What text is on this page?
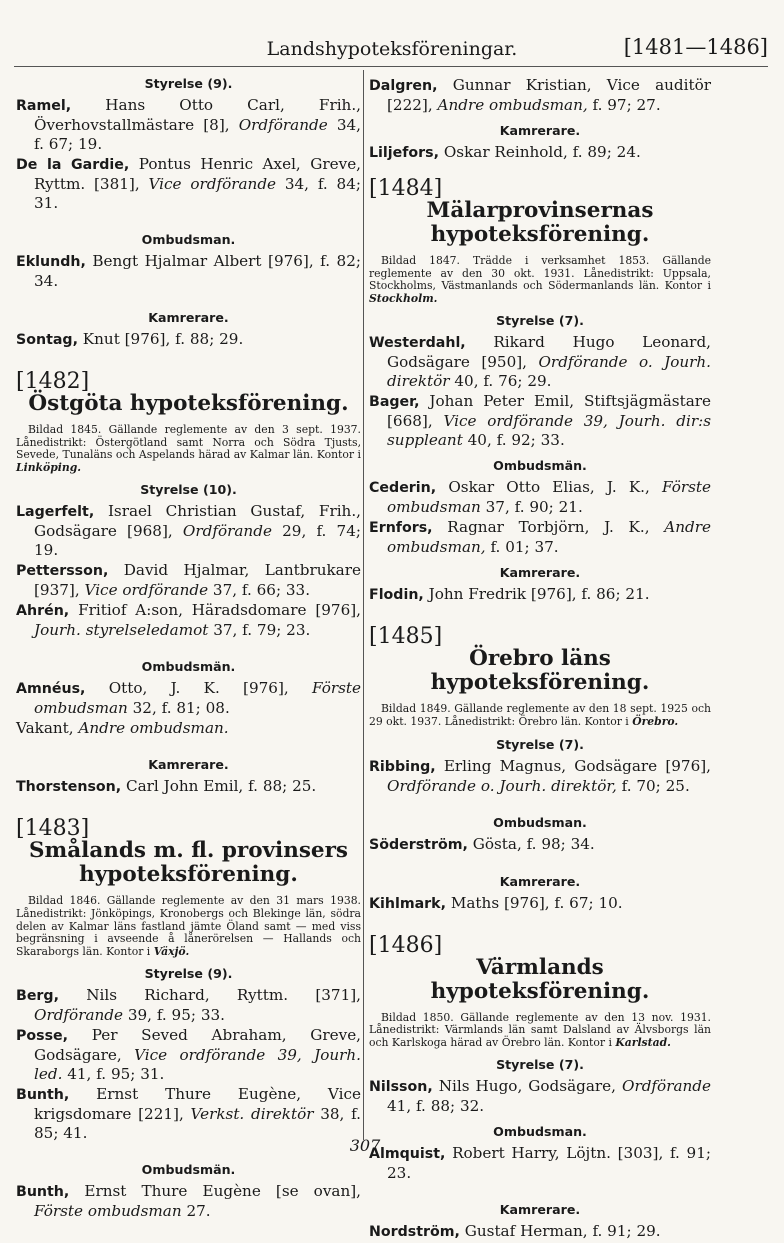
Landshypoteksföreningar.	[1481—1486]
Styrelse (9).

Ramel, Hans Otto Carl, Frih., Överhovstallmästare [8], Ordförande 34, f. 67; 19.

De la Gardie, Pontus Henric Axel, Greve, Ryttm. [381], Vice ordförande 34, f. 84; 31.

Ombudsman.

Eklundh, Bengt Hjalmar Albert [976], f. 82; 34.

Kamrerare.

Sontag, Knut [976], f. 88; 29.

[1482]
Östgöta hypoteksförening.

Bildad 1845. Gällande reglemente av den 3 sept. 1937. Lånedistrikt: Östergötland samt Norra och Södra Tjusts, Sevede, Tunaläns och Aspelands härad av Kalmar län. Kontor i Linköping.

Styrelse (10).

Lagerfelt, Israel Christian Gustaf, Frih., Godsägare [968], Ordförande 29, f. 74; 19.

Pettersson, David Hjalmar, Lantbrukare [937], Vice ordförande 37, f. 66; 33.

Ahrén, Fritiof A:son, Häradsdomare [976], Jourh. styrelseledamot 37, f. 79; 23.

Ombudsmän.

Amnéus, Otto, J. K. [976], Förste ombudsman 32, f. 81; 08.

Vakant, Andre ombudsman.

Kamrerare.

Thorstenson, Carl John Emil, f. 88; 25.

[1483]
Smålands m. fl. provinsers hypoteksförening.

Bildad 1846. Gällande reglemente av den 31 mars 1938. Lånedistrikt: Jönköpings, Kronobergs och Blekinge län, södra delen av Kalmar läns fastland jämte Öland samt — med viss begränsning i avseende å lånerörelsen — Hallands och Skaraborgs län. Kontor i Växjö.

Styrelse (9).

Berg, Nils Richard, Ryttm. [371], Ordförande 39, f. 95; 33.

Posse, Per Seved Abraham, Greve, Godsägare, Vice ordförande 39, Jourh. led. 41, f. 95; 31.

Bunth, Ernst Thure Eugène, Vice krigsdomare [221], Verkst. direktör 38, f. 85; 41.

Ombudsmän.

Bunth, Ernst Thure Eugène [se ovan], Förste ombudsman 27.

Dalgren, Gunnar Kristian, Vice auditör [222], Andre ombudsman, f. 97; 27.

Kamrerare.

Liljefors, Oskar Reinhold, f. 89; 24.

[1484]
Mälarprovinsernas hypoteksförening.

Bildad 1847. Trädde i verksamhet 1853. Gällande reglemente av den 30 okt. 1931. Lånedistrikt: Uppsala, Stockholms, Västmanlands och Södermanlands län. Kontor i Stockholm.

Styrelse (7).

Westerdahl, Rikard Hugo Leonard, Godsägare [950], Ordförande o. Jourh. direktör 40, f. 76; 29.

Bager, Johan Peter Emil, Stiftsjägmästare [668], Vice ordförande 39, Jourh. dir:s suppleant 40, f. 92; 33.

Ombudsmän.

Cederin, Oskar Otto Elias, J. K., Förste ombudsman 37, f. 90; 21.

Ernfors, Ragnar Torbjörn, J. K., Andre ombudsman, f. 01; 37.

Kamrerare.

Flodin, John Fredrik [976], f. 86; 21.

[1485]
Örebro läns hypoteksförening.

Bildad 1849. Gällande reglemente av den 18 sept. 1925 och 29 okt. 1937. Lånedistrikt: Örebro län. Kontor i Örebro.

Styrelse (7).

Ribbing, Erling Magnus, Godsägare [976], Ordförande o. Jourh. direktör, f. 70; 25.

Ombudsman.

Söderström, Gösta, f. 98; 34.

Kamrerare.

Kihlmark, Maths [976], f. 67; 10.

[1486]
Värmlands hypoteksförening.

Bildad 1850. Gällande reglemente av den 13 nov. 1931. Lånedistrikt: Värmlands län samt Dalsland av Älvsborgs län och Karlskoga härad av Örebro län. Kontor i Karlstad.

Styrelse (7).

Nilsson, Nils Hugo, Godsägare, Ordförande 41, f. 88; 32.

Ombudsman.

Almquist, Robert Harry, Löjtn. [303], f. 91; 23.

Kamrerare.

Nordström, Gustaf Herman, f. 91; 29.

307
